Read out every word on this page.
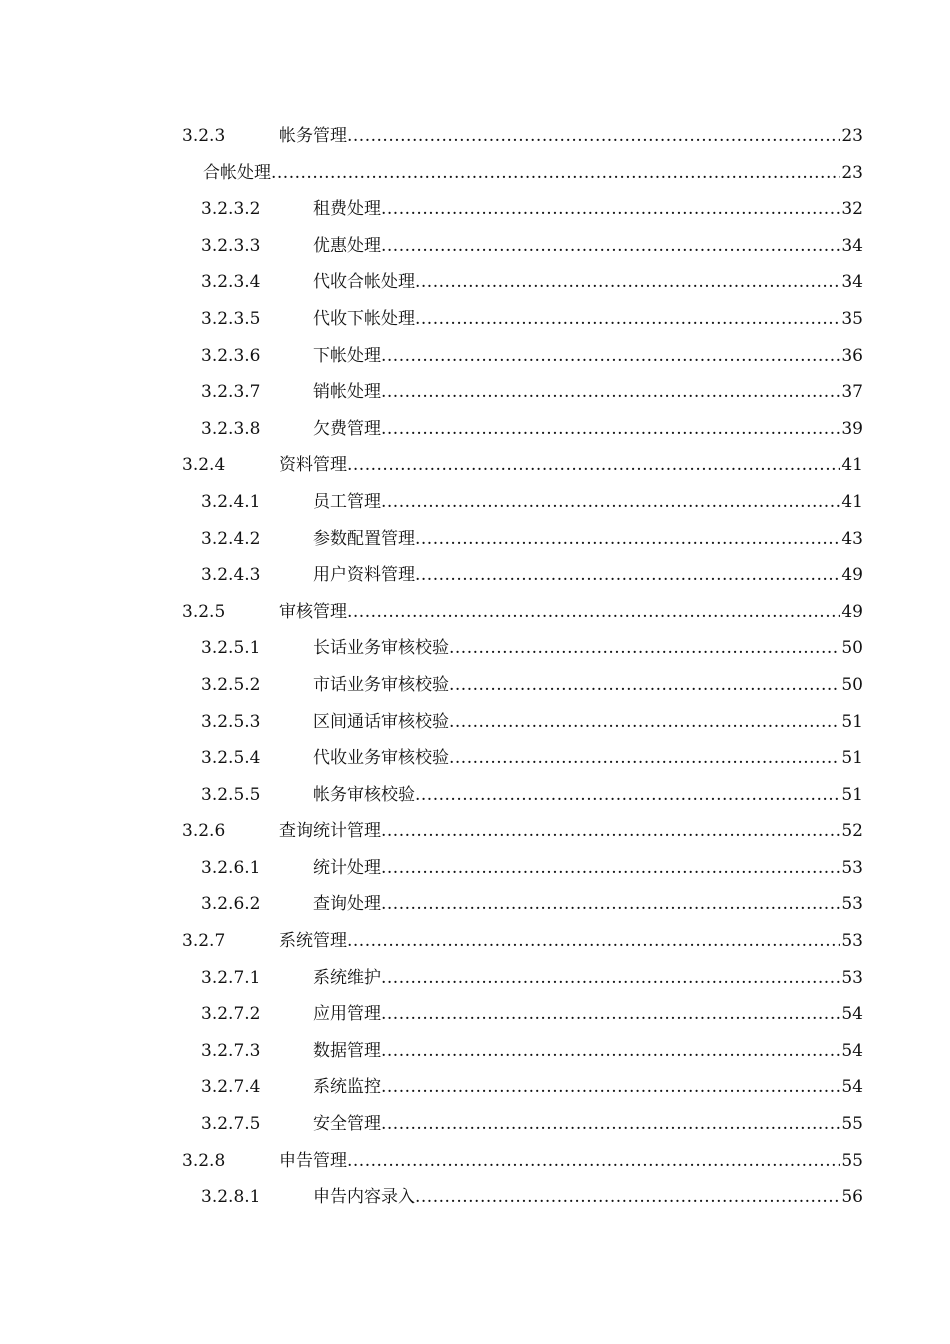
3.2.3	帐务管理 .....	23
合帐处理 .....	23
3.2.3.2	租费处理 .....	32
3.2.3.3	优惠处理 .....	34
3.2.3.4	代收合帐处理 .....	34
3.2.3.5	代收下帐处理 .....	35
3.2.3.6	下帐处理 .....	36
3.2.3.7	销帐处理 .....	37
3.2.3.8	欠费管理 .....	39
3.2.4	资料管理 .....	41
3.2.4.1	员工管理 .....	41
3.2.4.2	参数配置管理 .....	43
3.2.4.3	用户资料管理 .....	49
3.2.5	审核管理 .....	49
3.2.5.1	长话业务审核校验 .....	50
3.2.5.2	市话业务审核校验 .....	50
3.2.5.3	区间通话审核校验 .....	51
3.2.5.4	代收业务审核校验 .....	51
3.2.5.5	帐务审核校验 .....	51
3.2.6	查询统计管理 .....	52
3.2.6.1	统计处理 .....	53
3.2.6.2	查询处理 .....	53
3.2.7	系统管理 .....	53
3.2.7.1	系统维护 .....	53
3.2.7.2	应用管理 .....	54
3.2.7.3	数据管理 .....	54
3.2.7.4	系统监控 .....	54
3.2.7.5	安全管理 .....	55
3.2.8	申告管理 .....	55
3.2.8.1	申告内容录入 .....	56
